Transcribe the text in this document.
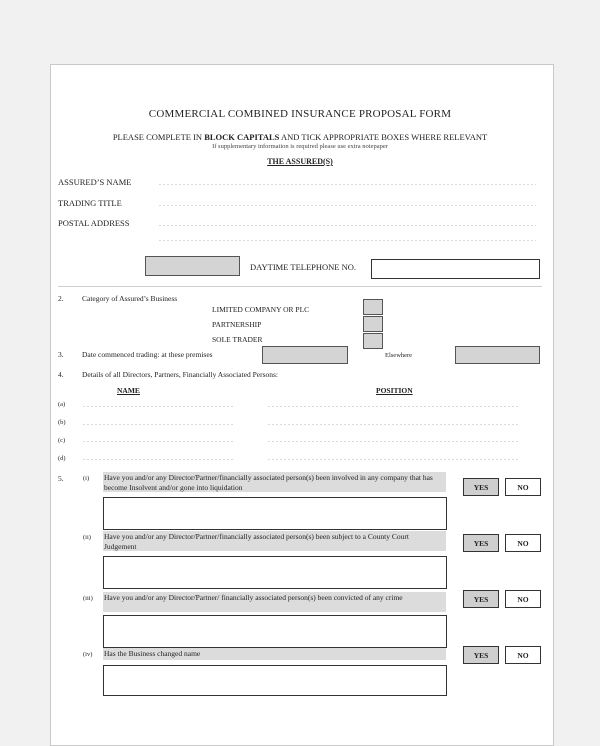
COMMERCIAL COMBINED INSURANCE PROPOSAL FORM
PLEASE COMPLETE IN BLOCK CAPITALS AND TICK APPROPRIATE BOXES WHERE RELEVANT
If supplementary information is required please use extra notepaper
THE ASSURED(S)
ASSURED’S NAME
TRADING TITLE
POSTAL ADDRESS
DAYTIME TELEPHONE NO.
2. Category of Assured’s Business
LIMITED COMPANY OR PLC
PARTNERSHIP
SOLE TRADER
3. Date commenced trading: at these premises	Elsewhere
4. Details of all Directors, Partners, Financially Associated Persons:
NAME	POSITION
(a)
(b)
(c)
(d)
5.	(i) Have you and/or any Director/Partner/financially associated person(s) been involved in any company that has become Insolvent and/or gone into liquidation	YES	NO
(ii) Have you and/or any Director/Partner/financially associated person(s) been subject to a County Court Judgement	YES	NO
(iii) Have you and/or any Director/Partner/ financially associated person(s) been convicted of any crime	YES	NO
(iv) Has the Business changed name	YES	NO
